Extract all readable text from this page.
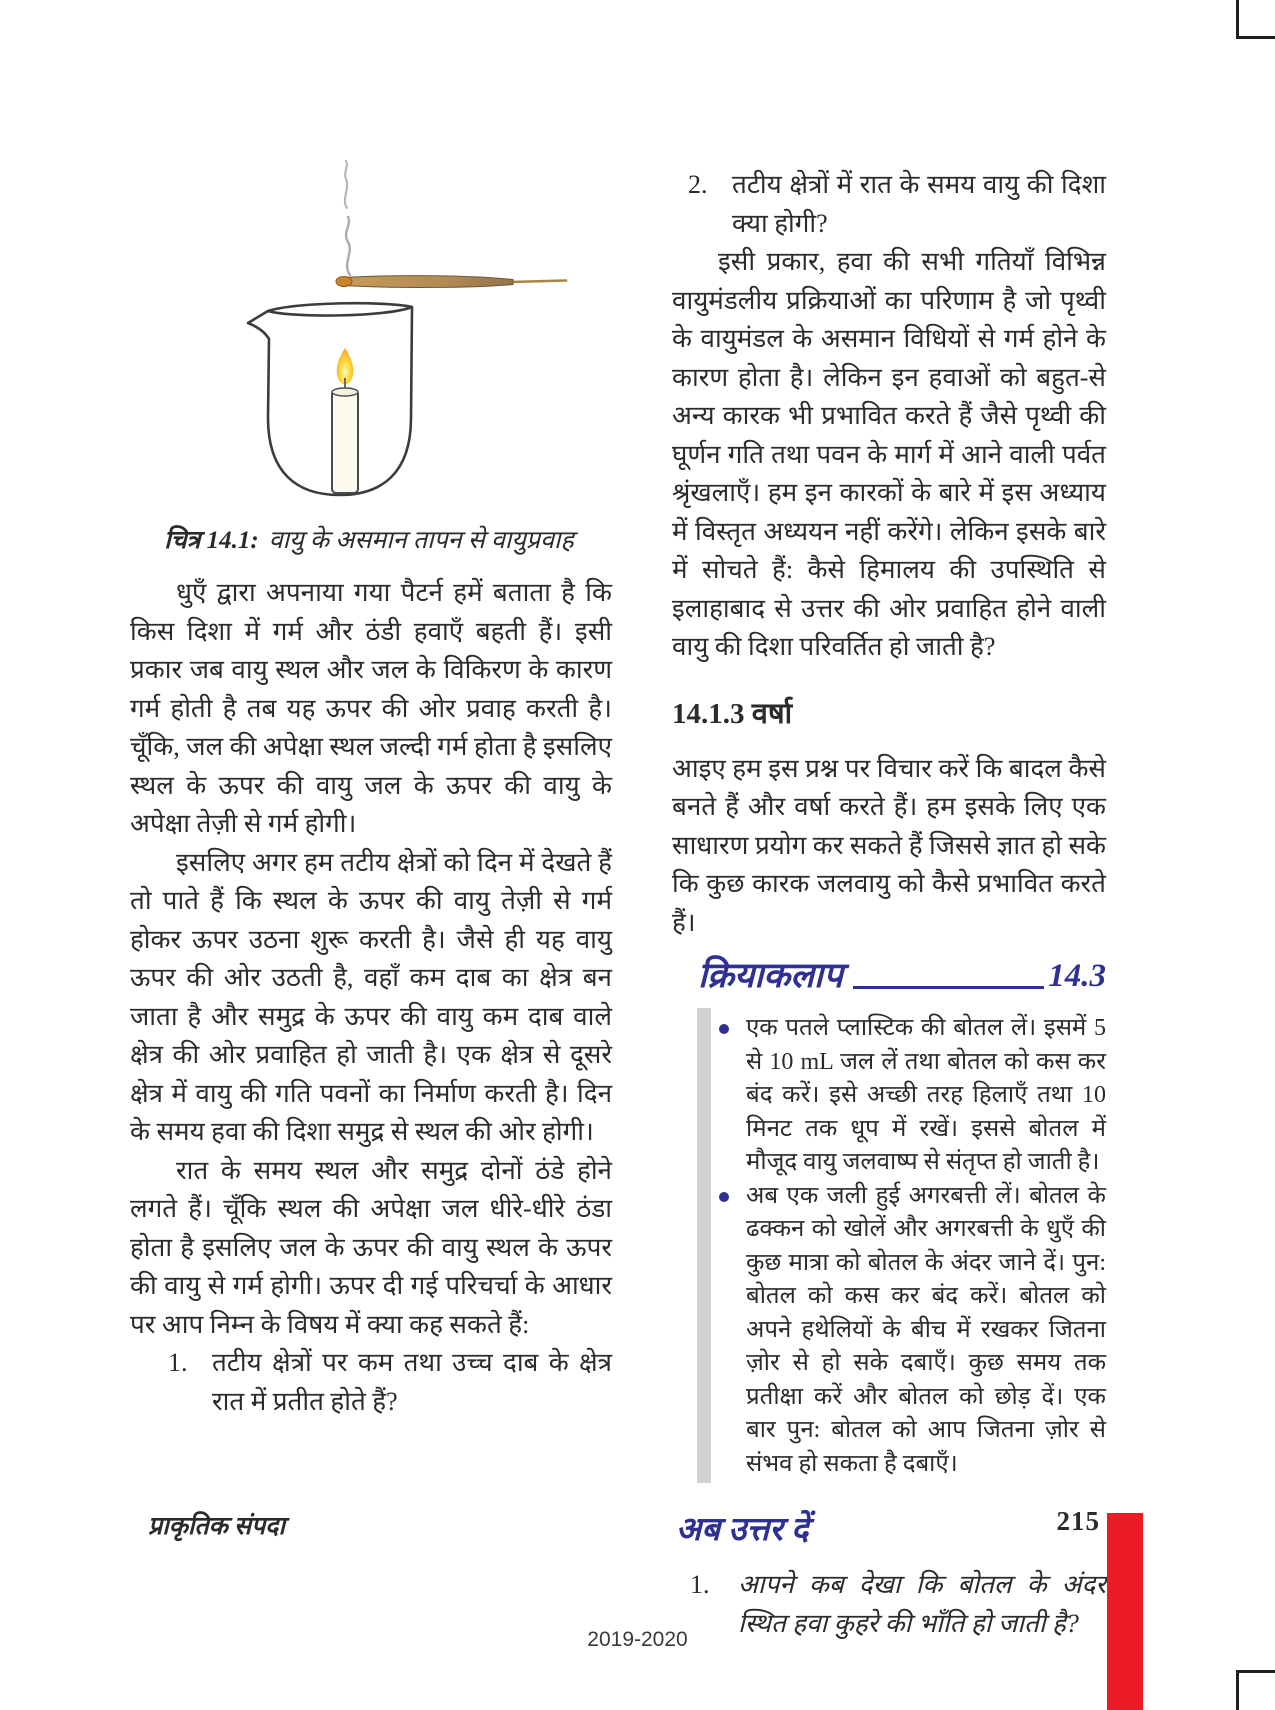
चित्र 14.1: वायु के असमान तापन से वायुप्रवाह

धुएँ द्वारा अपनाया गया पैटर्न हमें बताता है कि किस दिशा में गर्म और ठंडी हवाएँ बहती हैं। इसी प्रकार जब वायु स्थल और जल के विकिरण के कारण गर्म होती है तब यह ऊपर की ओर प्रवाह करती है। चूँकि, जल की अपेक्षा स्थल जल्दी गर्म होता है इसलिए स्थल के ऊपर की वायु जल के ऊपर की वायु के अपेक्षा तेज़ी से गर्म होगी।

इसलिए अगर हम तटीय क्षेत्रों को दिन में देखते हैं तो पाते हैं कि स्थल के ऊपर की वायु तेज़ी से गर्म होकर ऊपर उठना शुरू करती है। जैसे ही यह वायु ऊपर की ओर उठती है, वहाँ कम दाब का क्षेत्र बन जाता है और समुद्र के ऊपर की वायु कम दाब वाले क्षेत्र की ओर प्रवाहित हो जाती है। एक क्षेत्र से दूसरे क्षेत्र में वायु की गति पवनों का निर्माण करती है। दिन के समय हवा की दिशा समुद्र से स्थल की ओर होगी।

रात के समय स्थल और समुद्र दोनों ठंडे होने लगते हैं। चूँकि स्थल की अपेक्षा जल धीरे-धीरे ठंडा होता है इसलिए जल के ऊपर की वायु स्थल के ऊपर की वायु से गर्म होगी। ऊपर दी गई परिचर्चा के आधार पर आप निम्न के विषय में क्या कह सकते हैं:

1. तटीय क्षेत्रों पर कम तथा उच्च दाब के क्षेत्र रात में प्रतीत होते हैं?
2. तटीय क्षेत्रों में रात के समय वायु की दिशा क्या होगी?

इसी प्रकार, हवा की सभी गतियाँ विभिन्न वायुमंडलीय प्रक्रियाओं का परिणाम है जो पृथ्वी के वायुमंडल के असमान विधियों से गर्म होने के कारण होता है। लेकिन इन हवाओं को बहुत-से अन्य कारक भी प्रभावित करते हैं जैसे पृथ्वी की घूर्णन गति तथा पवन के मार्ग में आने वाली पर्वत श्रृंखलाएँ। हम इन कारकों के बारे में इस अध्याय में विस्तृत अध्ययन नहीं करेंगे। लेकिन इसके बारे में सोचते हैं: कैसे हिमालय की उपस्थिति से इलाहाबाद से उत्तर की ओर प्रवाहित होने वाली वायु की दिशा परिवर्तित हो जाती है?

14.1.3 वर्षा

आइए हम इस प्रश्न पर विचार करें कि बादल कैसे बनते हैं और वर्षा करते हैं। हम इसके लिए एक साधारण प्रयोग कर सकते हैं जिससे ज्ञात हो सके कि कुछ कारक जलवायु को कैसे प्रभावित करते हैं।

क्रियाकलाप	14.3
एक पतले प्लास्टिक की बोतल लें। इसमें 5 से 10 mL जल लें तथा बोतल को कस कर बंद करें। इसे अच्छी तरह हिलाएँ तथा 10 मिनट तक धूप में रखें। इससे बोतल में मौजूद वायु जलवाष्प से संतृप्त हो जाती है।
अब एक जली हुई अगरबत्ती लें। बोतल के ढक्कन को खोलें और अगरबत्ती के धुएँ की कुछ मात्रा को बोतल के अंदर जाने दें। पुन: बोतल को कस कर बंद करें। बोतल को अपने हथेलियों के बीच में रखकर जितना ज़ोर से हो सके दबाएँ। कुछ समय तक प्रतीक्षा करें और बोतल को छोड़ दें। एक बार पुन: बोतल को आप जितना ज़ोर से संभव हो सकता है दबाएँ।
अब उत्तर दें
1.	आपने कब देखा कि बोतल के अंदर स्थित हवा कुहरे की भाँति हो जाती है?
प्राकृतिक संपदा	215
2019-2020
